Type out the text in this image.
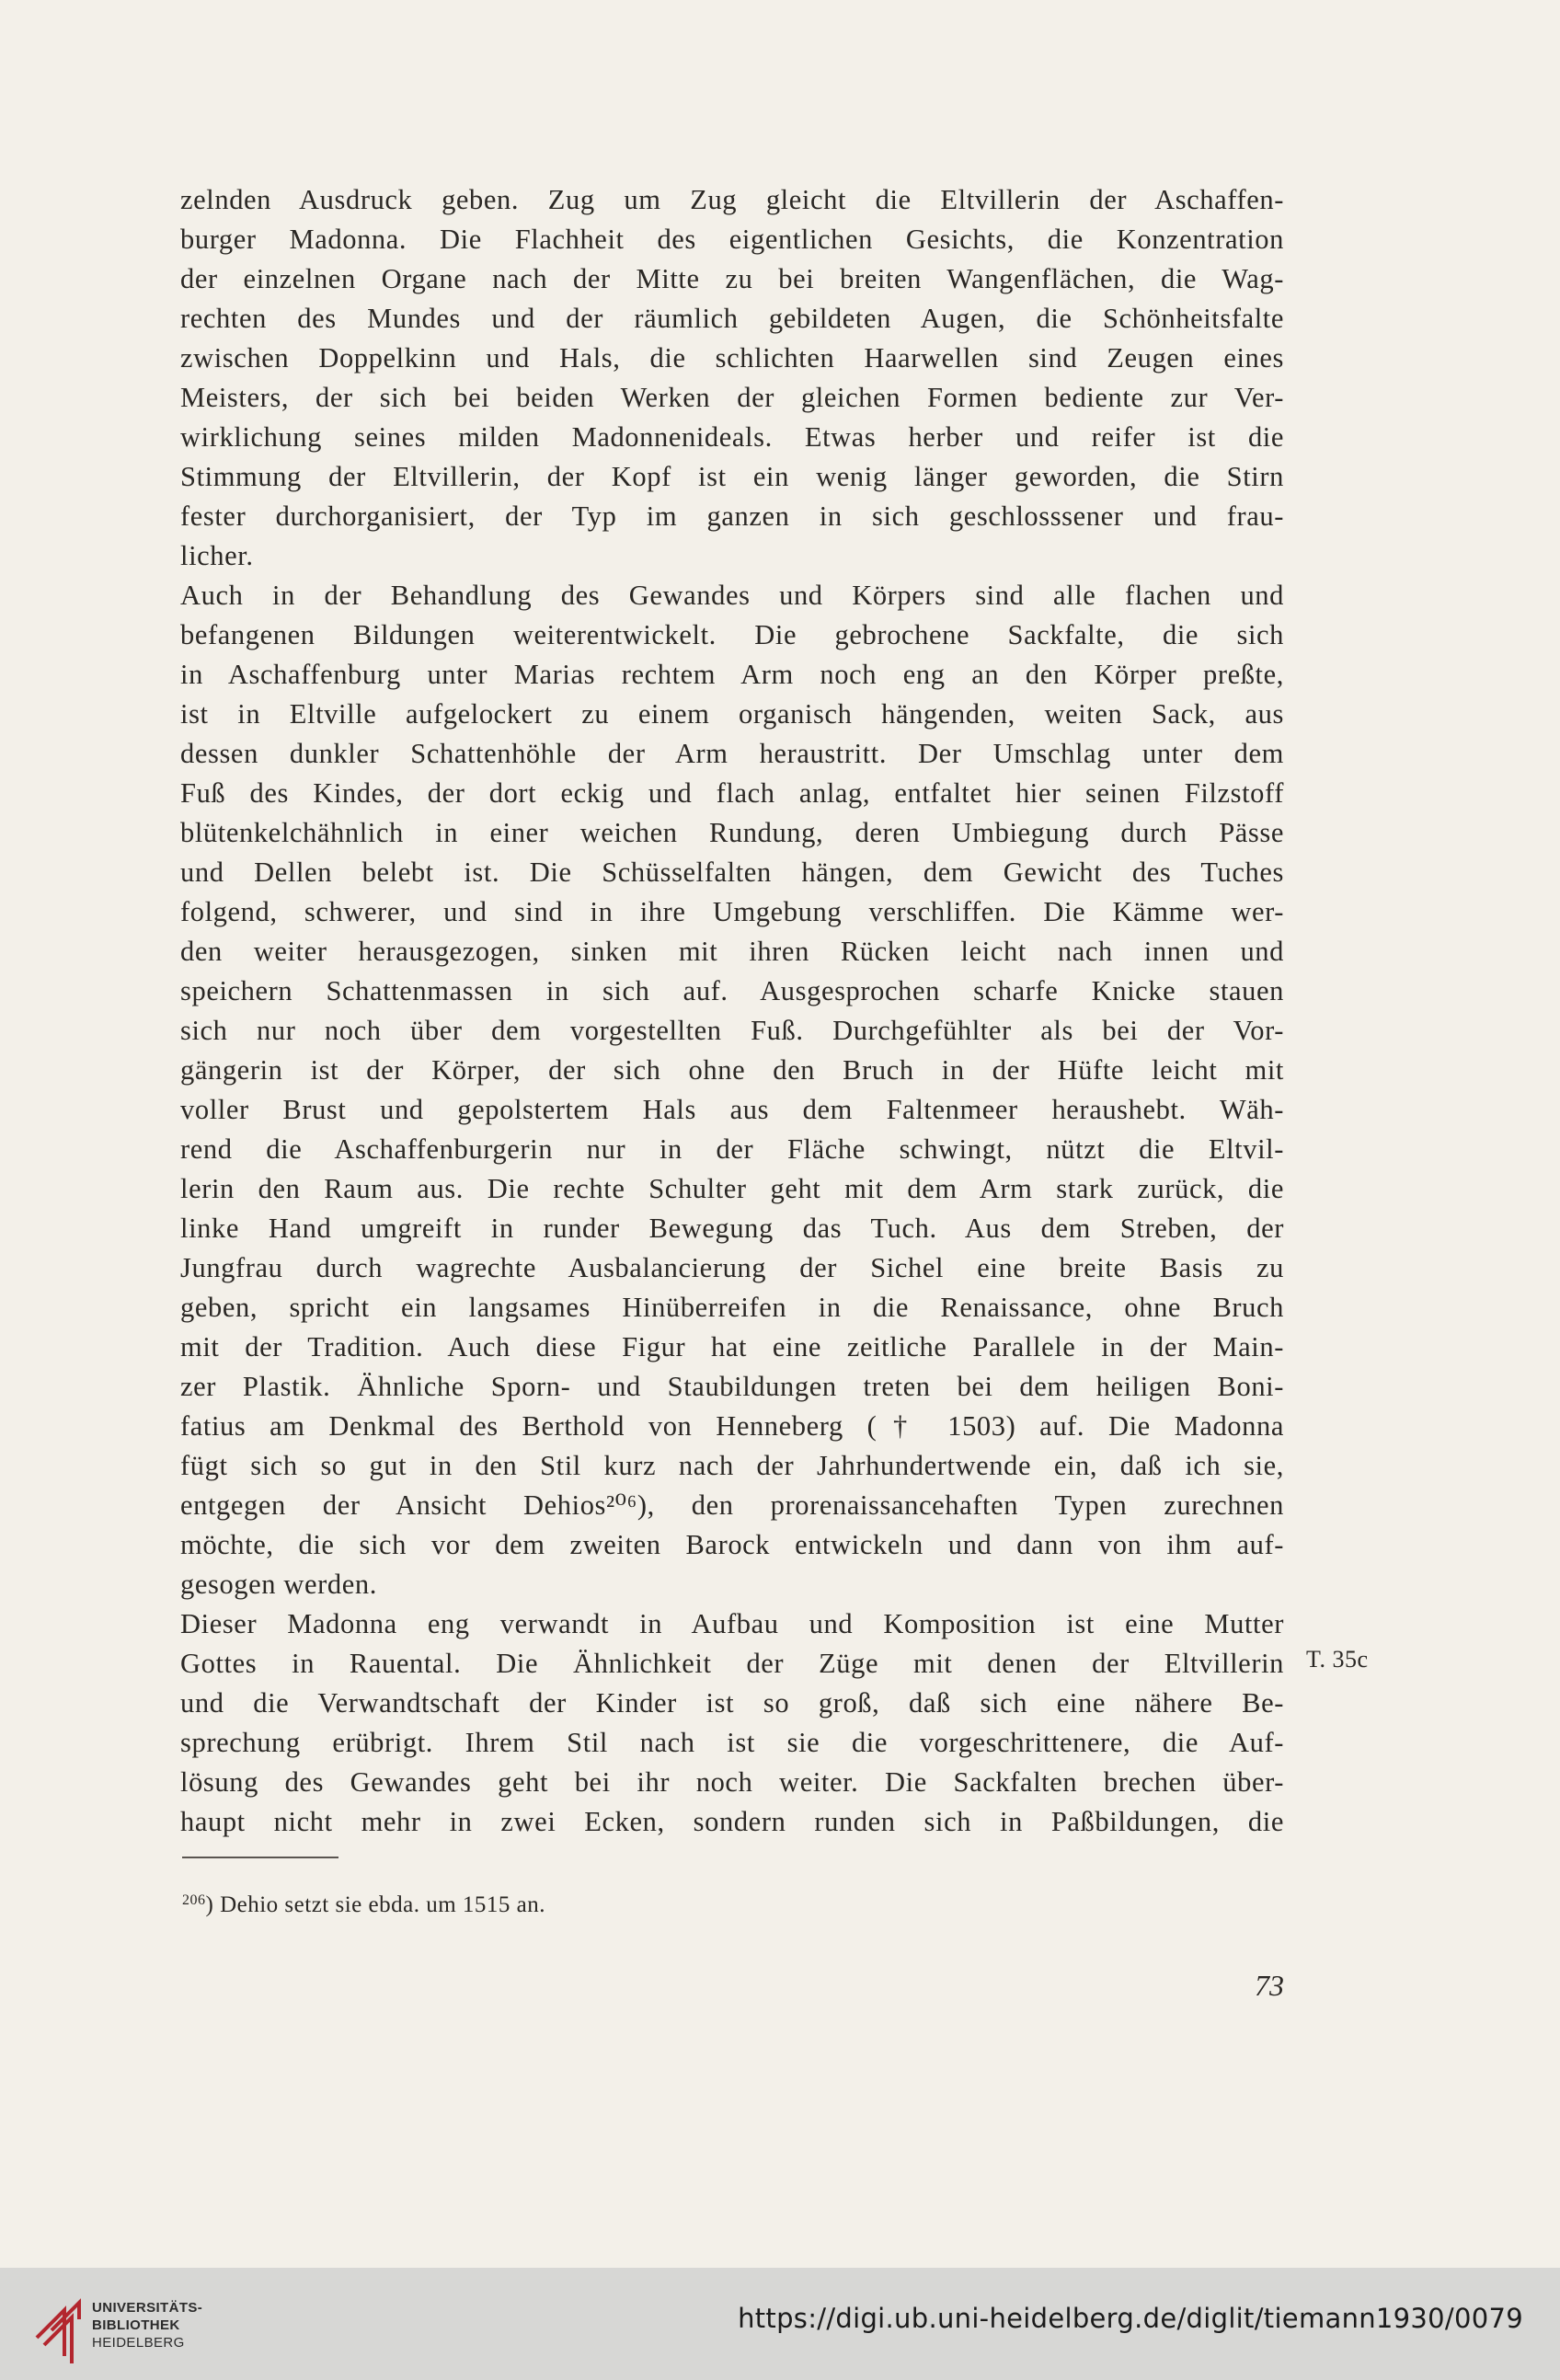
zelnden Ausdruck geben. Zug um Zug gleicht die Eltvillerin der Aschaffen-
burger Madonna. Die Flachheit des eigentlichen Gesichts, die Konzentration
der einzelnen Organe nach der Mitte zu bei breiten Wangenflächen, die Wag-
rechten des Mundes und der räumlich gebildeten Augen, die Schönheitsfalte
zwischen Doppelkinn und Hals, die schlichten Haarwellen sind Zeugen eines
Meisters, der sich bei beiden Werken der gleichen Formen bediente zur Ver-
wirklichung seines milden Madonnenideals. Etwas herber und reifer ist die
Stimmung der Eltvillerin, der Kopf ist ein wenig länger geworden, die Stirn
fester durchorganisiert, der Typ im ganzen in sich geschlosssener und frau-
licher.
Auch in der Behandlung des Gewandes und Körpers sind alle flachen und
befangenen Bildungen weiterentwickelt. Die gebrochene Sackfalte, die sich
in Aschaffenburg unter Marias rechtem Arm noch eng an den Körper preßte,
ist in Eltville aufgelockert zu einem organisch hängenden, weiten Sack, aus
dessen dunkler Schattenhöhle der Arm heraustritt. Der Umschlag unter dem
Fuß des Kindes, der dort eckig und flach anlag, entfaltet hier seinen Filzstoff
blütenkelchähnlich in einer weichen Rundung, deren Umbiegung durch Pässe
und Dellen belebt ist. Die Schüsselfalten hängen, dem Gewicht des Tuches
folgend, schwerer, und sind in ihre Umgebung verschliffen. Die Kämme wer-
den weiter herausgezogen, sinken mit ihren Rücken leicht nach innen und
speichern Schattenmassen in sich auf. Ausgesprochen scharfe Knicke stauen
sich nur noch über dem vorgestellten Fuß. Durchgefühlter als bei der Vor-
gängerin ist der Körper, der sich ohne den Bruch in der Hüfte leicht mit
voller Brust und gepolstertem Hals aus dem Faltenmeer heraushebt. Wäh-
rend die Aschaffenburgerin nur in der Fläche schwingt, nützt die Eltvil-
lerin den Raum aus. Die rechte Schulter geht mit dem Arm stark zurück, die
linke Hand umgreift in runder Bewegung das Tuch. Aus dem Streben, der
Jungfrau durch wagrechte Ausbalancierung der Sichel eine breite Basis zu
geben, spricht ein langsames Hinüberreifen in die Renaissance, ohne Bruch
mit der Tradition. Auch diese Figur hat eine zeitliche Parallele in der Main-
zer Plastik. Ähnliche Sporn- und Staubildungen treten bei dem heiligen Boni-
fatius am Denkmal des Berthold von Henneberg († 1503) auf. Die Madonna
fügt sich so gut in den Stil kurz nach der Jahrhundertwende ein, daß ich sie,
entgegen der Ansicht Dehios²⁰⁶), den prorenaissancehaften Typen zurechnen
möchte, die sich vor dem zweiten Barock entwickeln und dann von ihm auf-
gesogen werden.
Dieser Madonna eng verwandt in Aufbau und Komposition ist eine Mutter
Gottes in Rauental. Die Ähnlichkeit der Züge mit denen der Eltvillerin
und die Verwandtschaft der Kinder ist so groß, daß sich eine nähere Be-
sprechung erübrigt. Ihrem Stil nach ist sie die vorgeschrittenere, die Auf-
lösung des Gewandes geht bei ihr noch weiter. Die Sackfalten brechen über-
haupt nicht mehr in zwei Ecken, sondern runden sich in Paßbildungen, die
T. 35c
$^{206}$) Dehio setzt sie ebda. um 1515 an.
73
UNIVERSITÄTS-
BIBLIOTHEK
HEIDELBERG
https://digi.ub.uni-heidelberg.de/diglit/tiemann1930/0079
